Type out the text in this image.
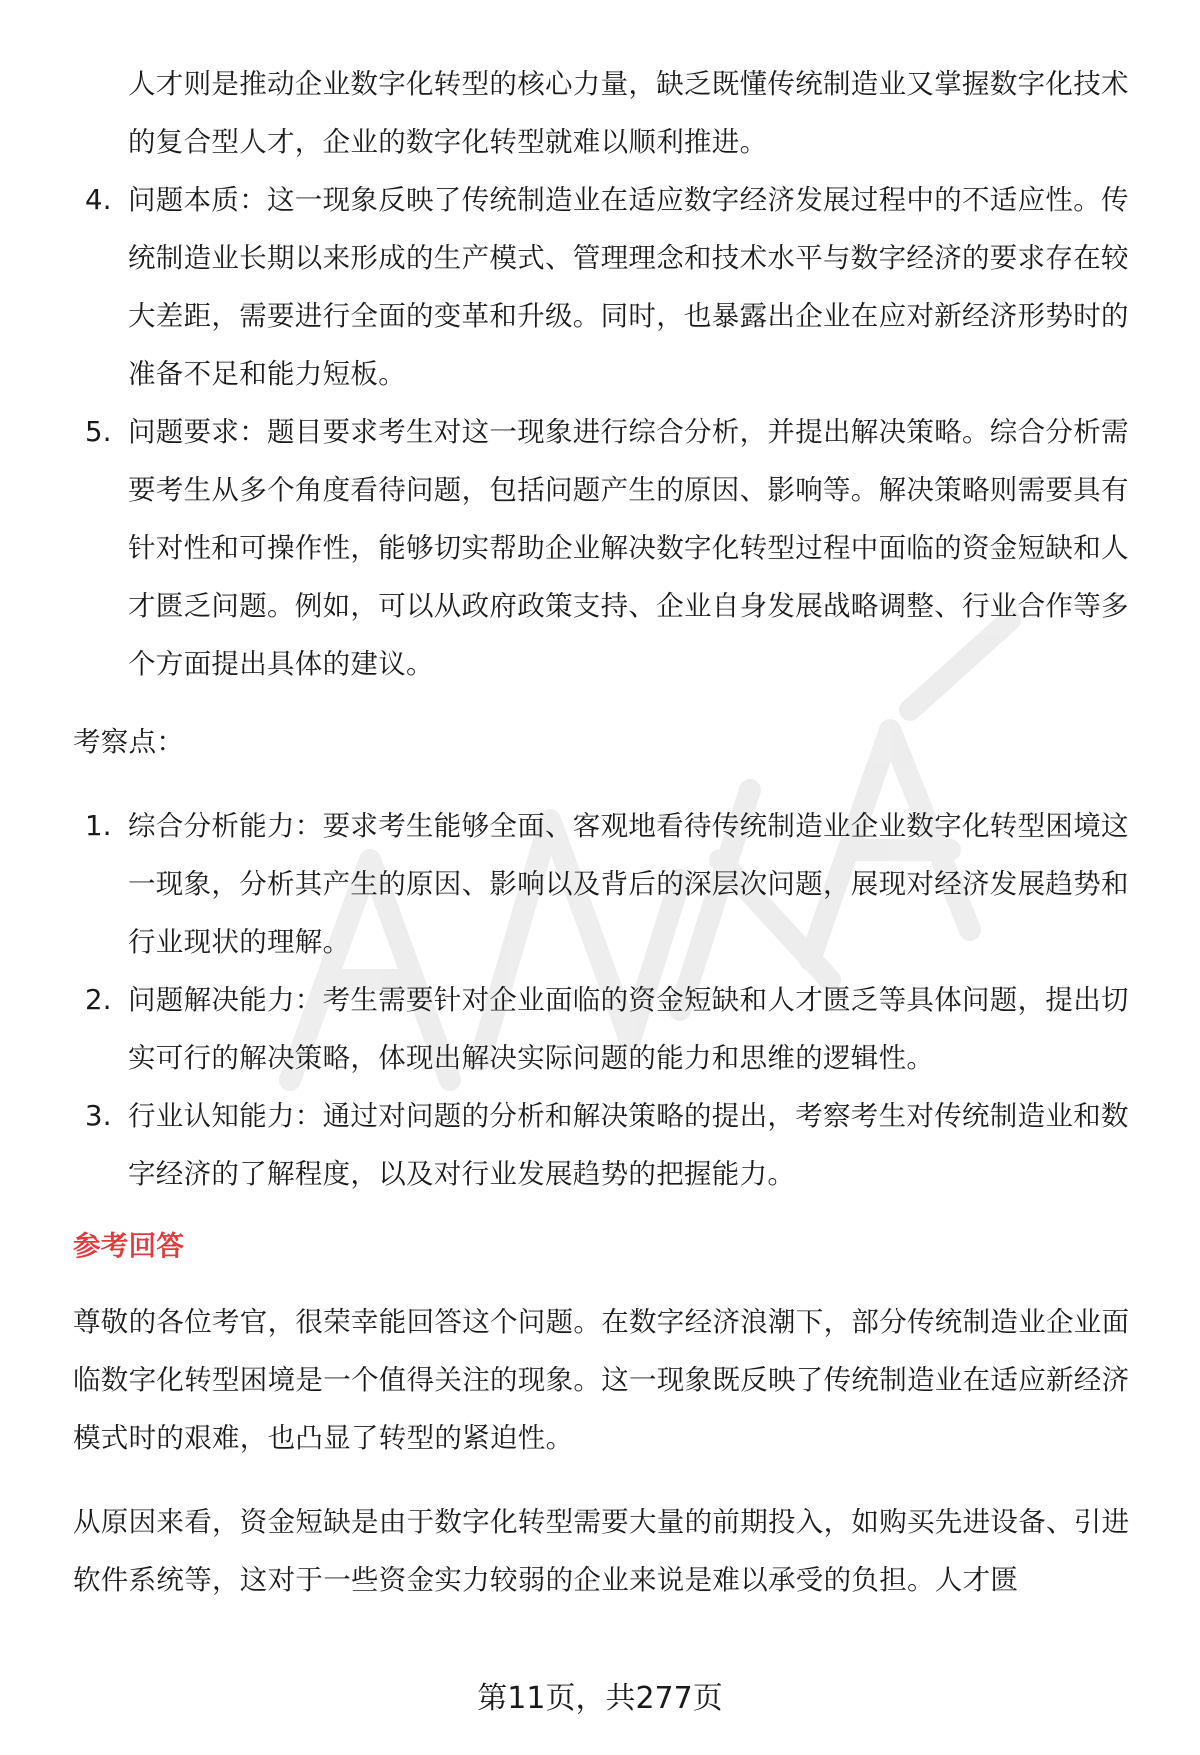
人才则是推动企业数字化转型的核心力量，缺乏既懂传统制造业又掌握数字化技术的复合型人才，企业的数字化转型就难以顺利推进。

4. 问题本质：这一现象反映了传统制造业在适应数字经济发展过程中的不适应性。传统制造业长期以来形成的生产模式、管理理念和技术水平与数字经济的要求存在较大差距，需要进行全面的变革和升级。同时，也暴露出企业在应对新经济形势时的准备不足和能力短板。
5. 问题要求：题目要求考生对这一现象进行综合分析，并提出解决策略。综合分析需要考生从多个角度看待问题，包括问题产生的原因、影响等。解决策略则需要具有针对性和可操作性，能够切实帮助企业解决数字化转型过程中面临的资金短缺和人才匮乏问题。例如，可以从政府政策支持、企业自身发展战略调整、行业合作等多个方面提出具体的建议。

考察点：

1. 综合分析能力：要求考生能够全面、客观地看待传统制造业企业数字化转型困境这一现象，分析其产生的原因、影响以及背后的深层次问题，展现对经济发展趋势和行业现状的理解。
2. 问题解决能力：考生需要针对企业面临的资金短缺和人才匮乏等具体问题，提出切实可行的解决策略，体现出解决实际问题的能力和思维的逻辑性。
3. 行业认知能力：通过对问题的分析和解决策略的提出，考察考生对传统制造业和数字经济的了解程度，以及对行业发展趋势的把握能力。

参考回答

尊敬的各位考官，很荣幸能回答这个问题。在数字经济浪潮下，部分传统制造业企业面临数字化转型困境是一个值得关注的现象。这一现象既反映了传统制造业在适应新经济模式时的艰难，也凸显了转型的紧迫性。

从原因来看，资金短缺是由于数字化转型需要大量的前期投入，如购买先进设备、引进软件系统等，这对于一些资金实力较弱的企业来说是难以承受的负担。人才匮

第11页，共277页
